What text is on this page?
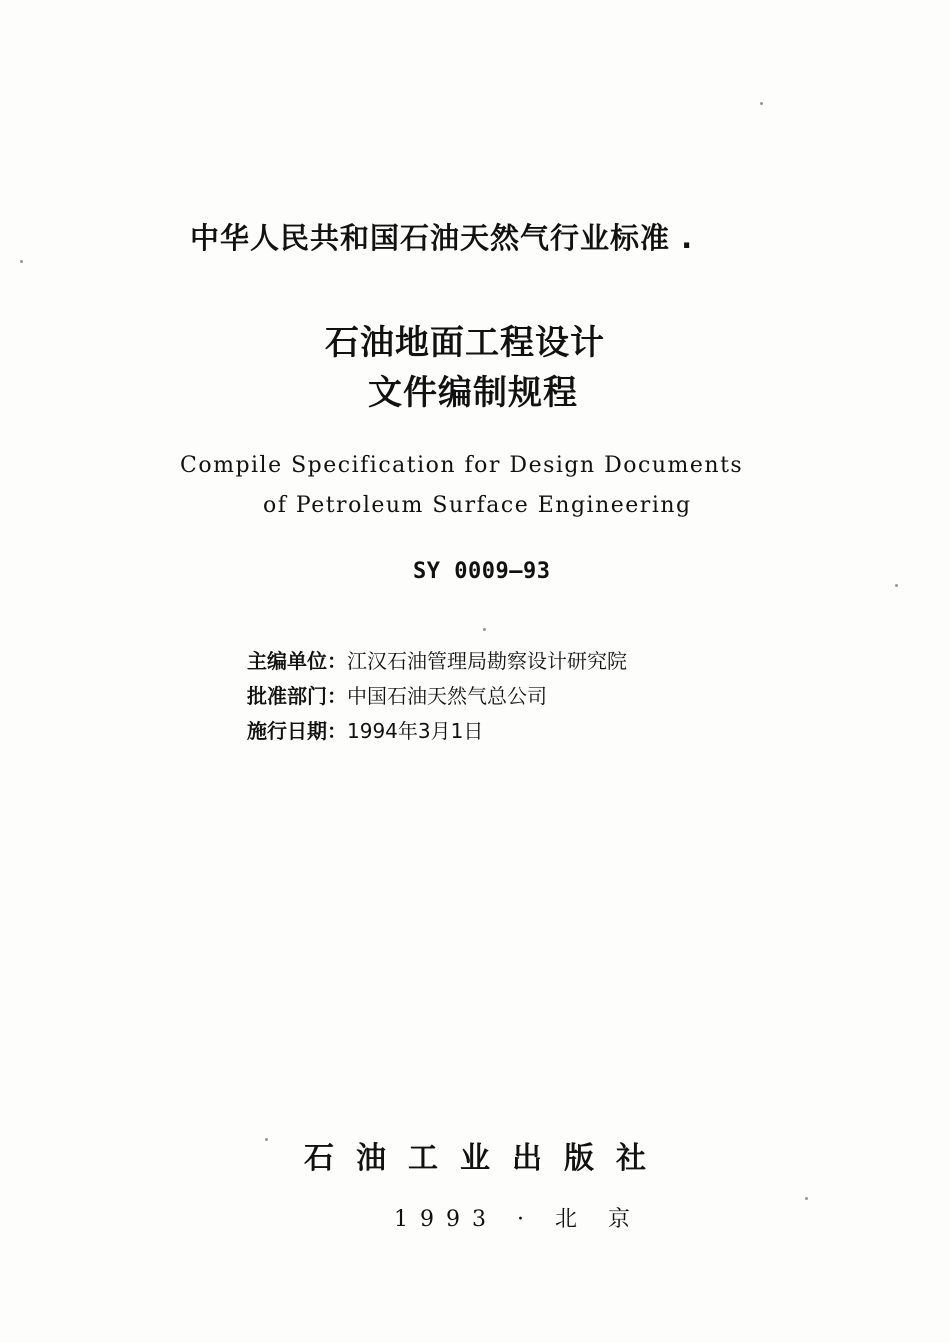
中华人民共和国石油天然气行业标准 .
石油地面工程设计
文件编制规程
Compile Specification for Design Documents
of Petroleum Surface Engineering
SY 0009—93
主编单位：江汉石油管理局勘察设计研究院
批准部门：中国石油天然气总公司
施行日期：1994年3月1日
石油工业出版社
1993 · 北 京
